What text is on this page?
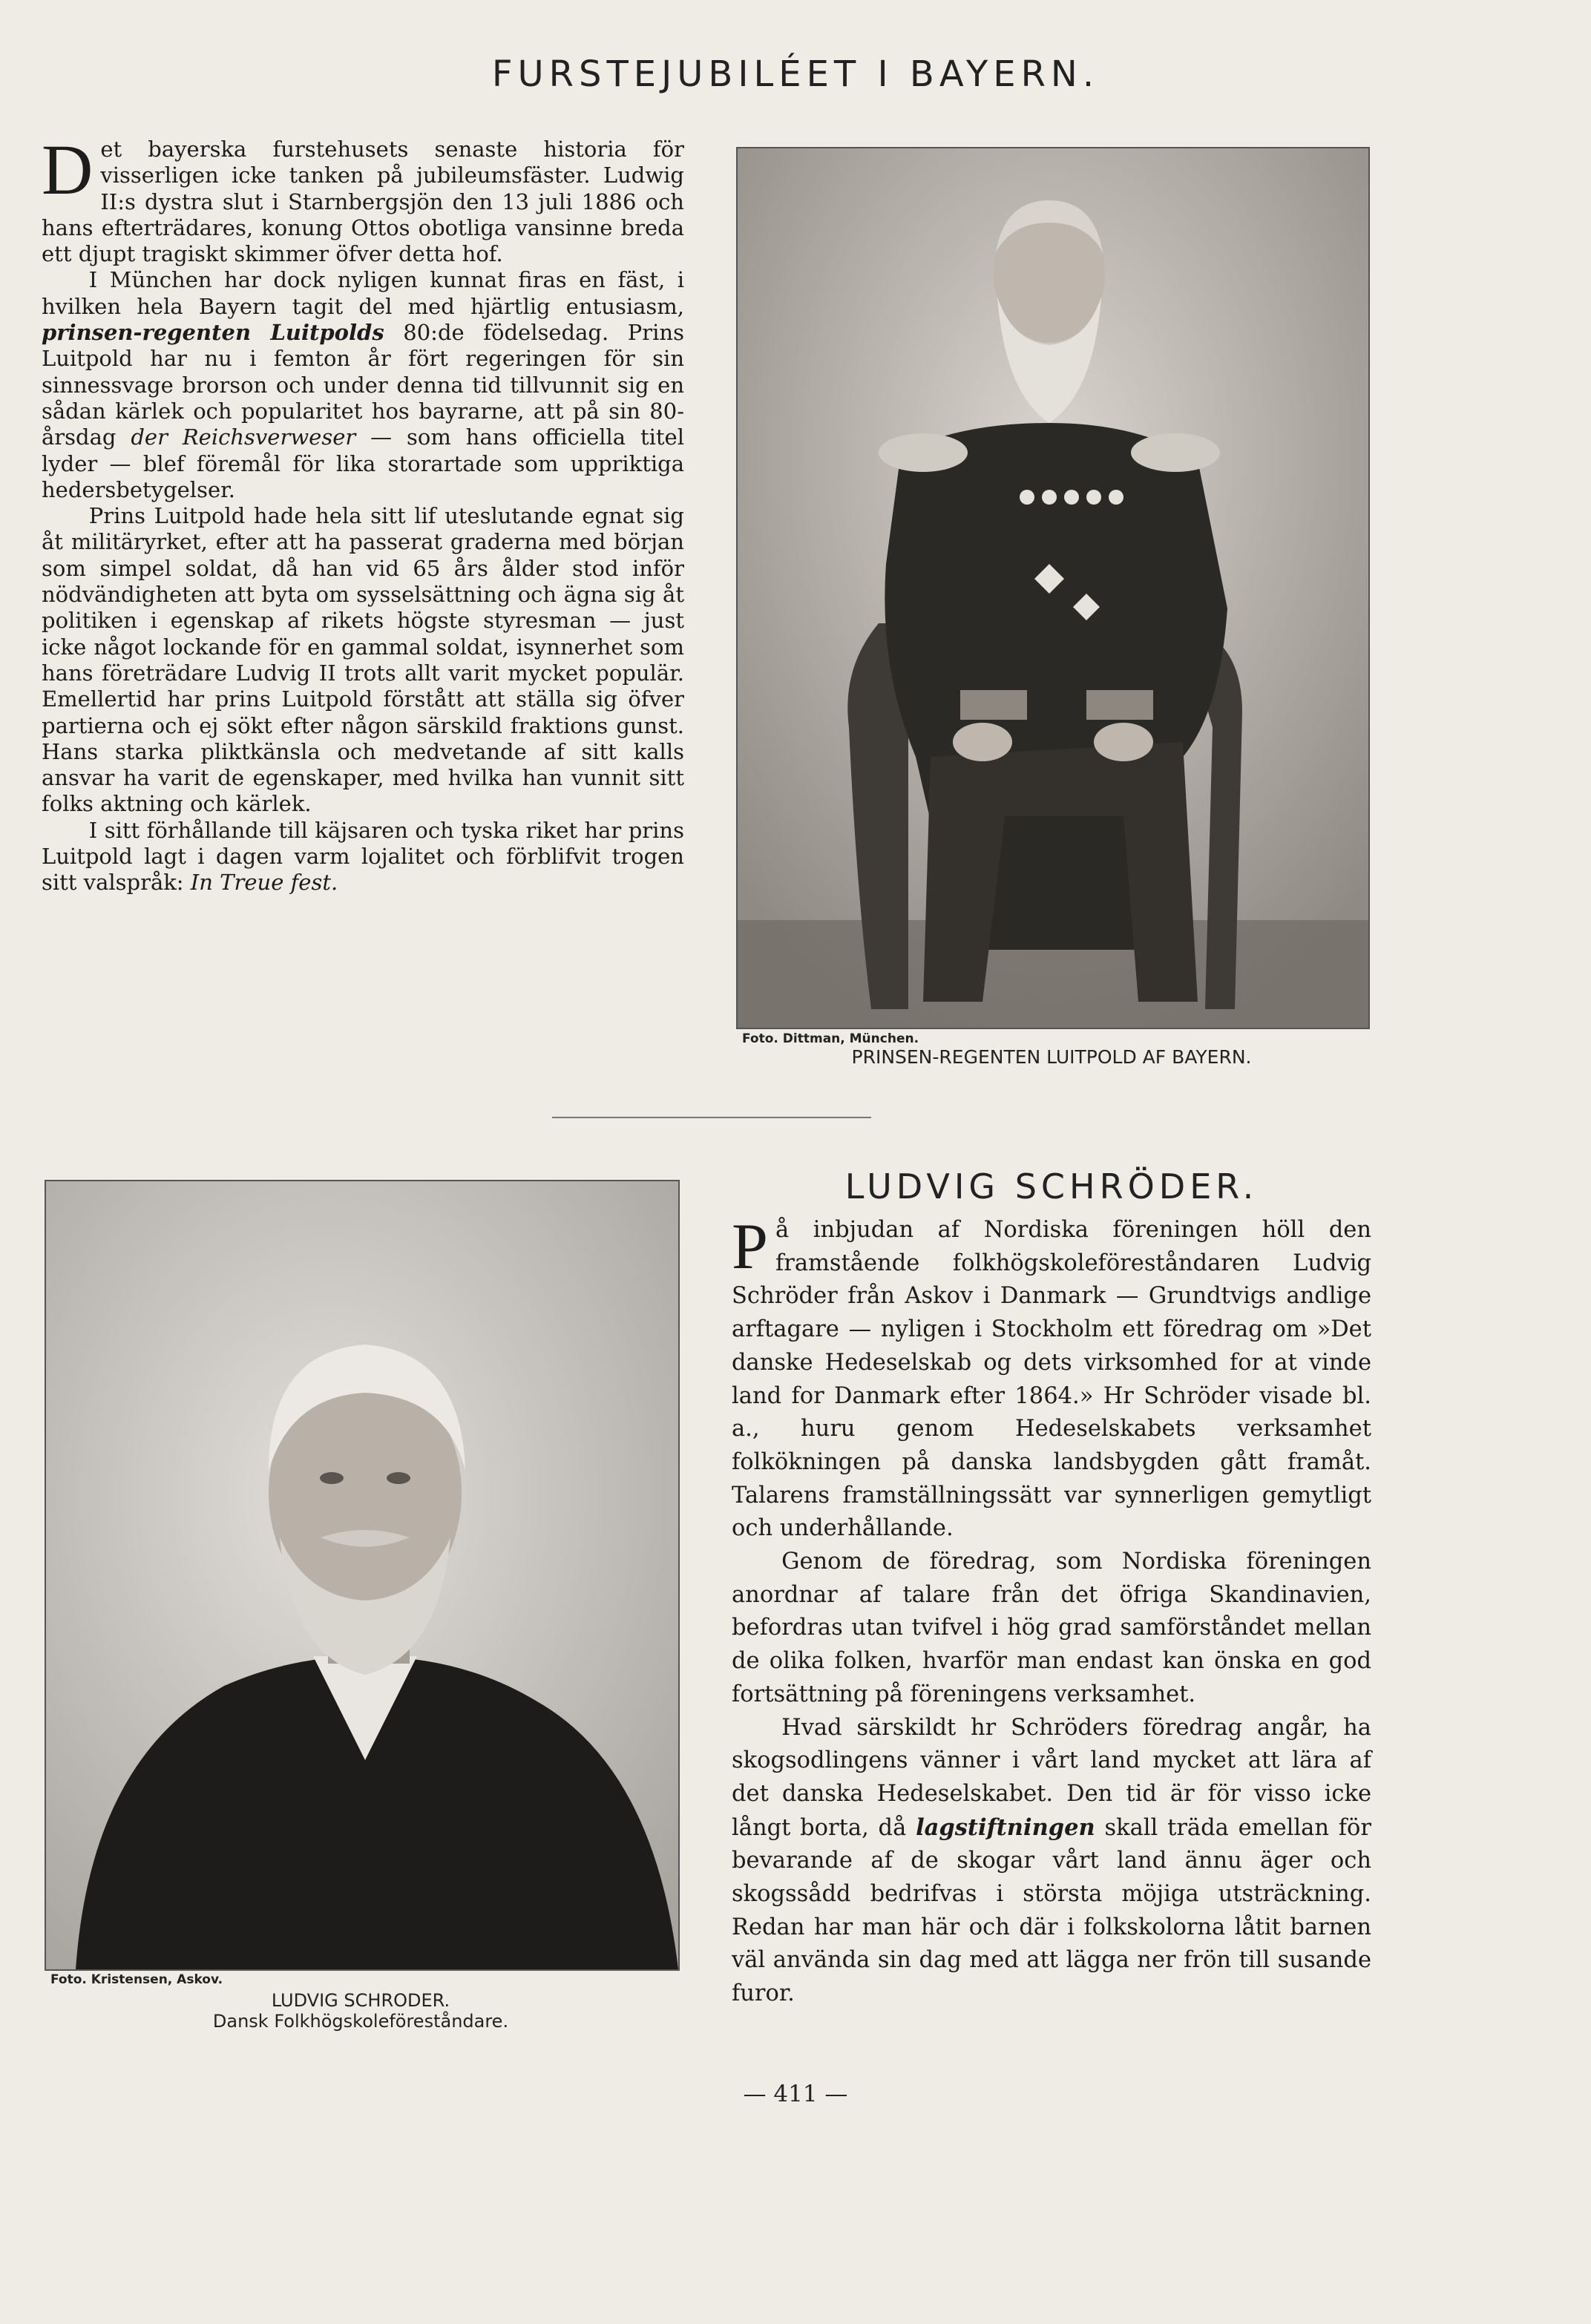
FURSTEJUBILÉET I BAYERN.

Det bayerska furstehusets senaste historia för visserligen icke tanken på jubileumsfäster. Ludwig II:s dystra slut i Starnbergsjön den 13 juli 1886 och hans efterträdares, konung Ottos obotliga vansinne breda ett djupt tragiskt skimmer öfver detta hof.

I München har dock nyligen kunnat firas en fäst, i hvilken hela Bayern tagit del med hjärtlig entusiasm, prinsen-regenten Luitpolds 80:de födelsedag. Prins Luitpold har nu i femton år fört regeringen för sin sinnessvage brorson och under denna tid tillvunnit sig en sådan kärlek och popularitet hos bayrarne, att på sin 80-årsdag der Reichsverweser — som hans officiella titel lyder — blef föremål för lika storartade som uppriktiga hedersbetygelser.

Prins Luitpold hade hela sitt lif uteslutande egnat sig åt militäryrket, efter att ha passerat graderna med början som simpel soldat, då han vid 65 års ålder stod inför nödvändigheten att byta om sysselsättning och ägna sig åt politiken i egenskap af rikets högste styresman — just icke något lockande för en gammal soldat, isynnerhet som hans företrädare Ludvig II trots allt varit mycket populär. Emellertid har prins Luitpold förstått att ställa sig öfver partierna och ej sökt efter någon särskild fraktions gunst. Hans starka pliktkänsla och medvetande af sitt kalls ansvar ha varit de egenskaper, med hvilka han vunnit sitt folks aktning och kärlek.

I sitt förhållande till käjsaren och tyska riket har prins Luitpold lagt i dagen varm lojalitet och förblifvit trogen sitt valspråk: In Treue fest.

Foto. Dittman, München.
PRINSEN-REGENTEN LUITPOLD AF BAYERN.
LUDVIG SCHRÖDER.

På inbjudan af Nordiska föreningen höll den framstående folkhögskoleföreståndaren Ludvig Schröder från Askov i Danmark — Grundtvigs andlige arftagare — nyligen i Stockholm ett föredrag om »Det danske Hedeselskab og dets virksomhed for at vinde land for Danmark efter 1864.» Hr Schröder visade bl. a., huru genom Hedeselskabets verksamhet folkökningen på danska landsbygden gått framåt. Talarens framställningssätt var synnerligen gemytligt och underhållande.

Genom de föredrag, som Nordiska föreningen anordnar af talare från det öfriga Skandinavien, befordras utan tvifvel i hög grad samförståndet mellan de olika folken, hvarför man endast kan önska en god fortsättning på föreningens verksamhet.

Hvad särskildt hr Schröders föredrag angår, ha skogsodlingens vänner i vårt land mycket att lära af det danska Hedeselskabet. Den tid är för visso icke långt borta, då lagstiftningen skall träda emellan för bevarande af de skogar vårt land ännu äger och skogssådd bedrifvas i största möjiga utsträckning. Redan har man här och där i folkskolorna låtit barnen väl använda sin dag med att lägga ner frön till susande furor.

Foto. Kristensen, Askov.
LUDVIG SCHRODER.
Dansk Folkhögskoleföreståndare.
— 411 —
